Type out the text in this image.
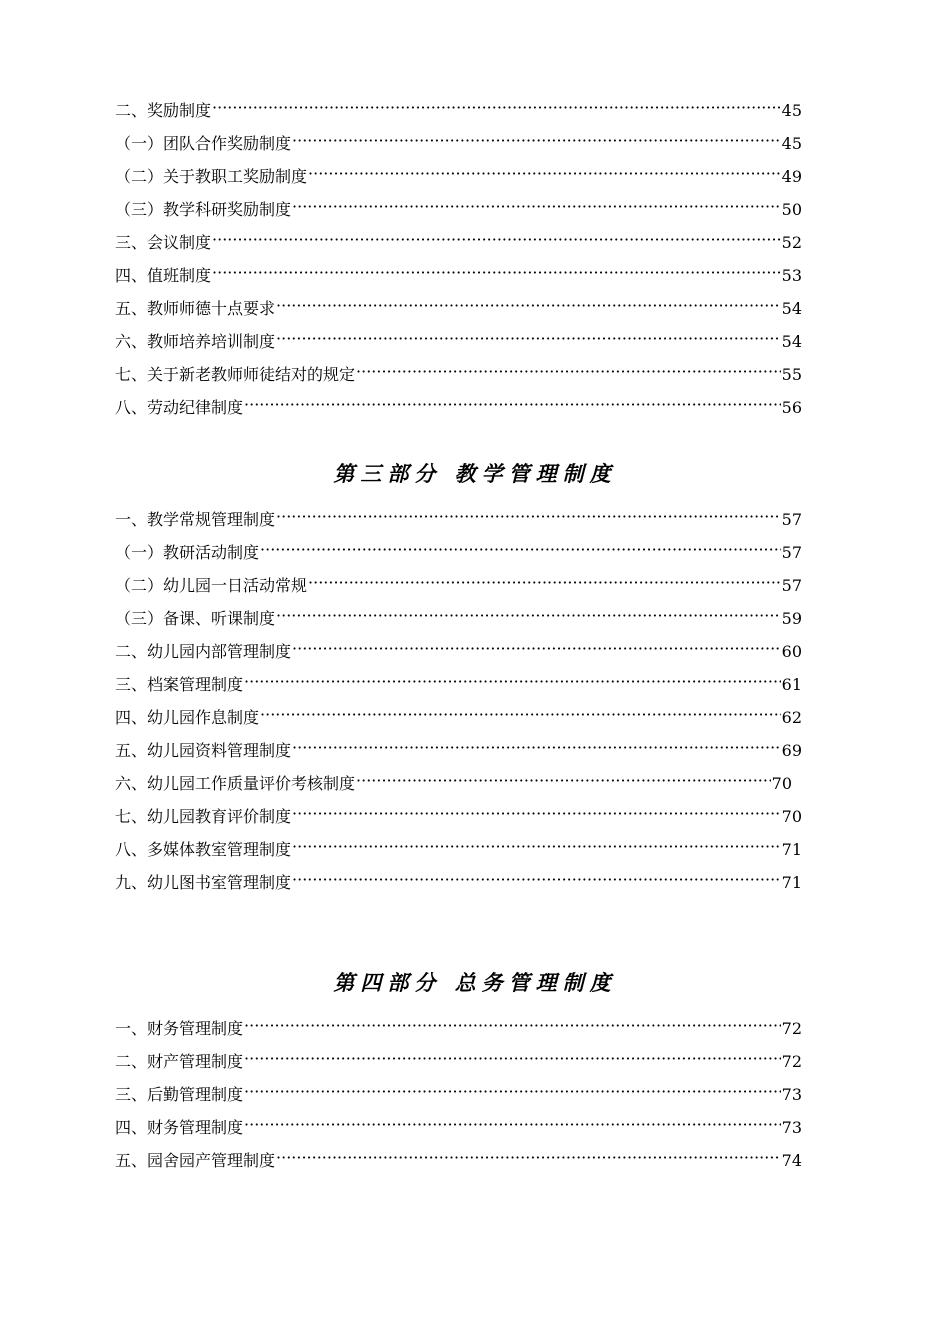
二、奖励制度 ·····	45
（一）团队合作奖励制度 ·····	45
（二）关于教职工奖励制度 ·····	49
（三）教学科研奖励制度 ·····	50
三、会议制度 ·····	52
四、值班制度 ·····	53
五、教师师德十点要求 ·····	54
六、教师培养培训制度 ·····	54
七、关于新老教师师徒结对的规定 ·····	55
八、劳动纪律制度 ·····	56
第三部分 教学管理制度
一、教学常规管理制度 ·····	57
（一）教研活动制度 ·····	57
（二）幼儿园一日活动常规 ·····	57
（三）备课、听课制度 ·····	59
二、幼儿园内部管理制度 ·····	60
三、档案管理制度 ·····	61
四、幼儿园作息制度 ·····	62
五、幼儿园资料管理制度 ·····	69
六、幼儿园工作质量评价考核制度 ·····	70
七、幼儿园教育评价制度 ·····	70
八、多媒体教室管理制度 ·····	71
九、幼儿图书室管理制度 ·····	71
第四部分 总务管理制度
一、财务管理制度 ·····	72
二、财产管理制度 ·····	72
三、后勤管理制度 ·····	73
四、财务管理制度 ·····	73
五、园舍园产管理制度 ·····	74
